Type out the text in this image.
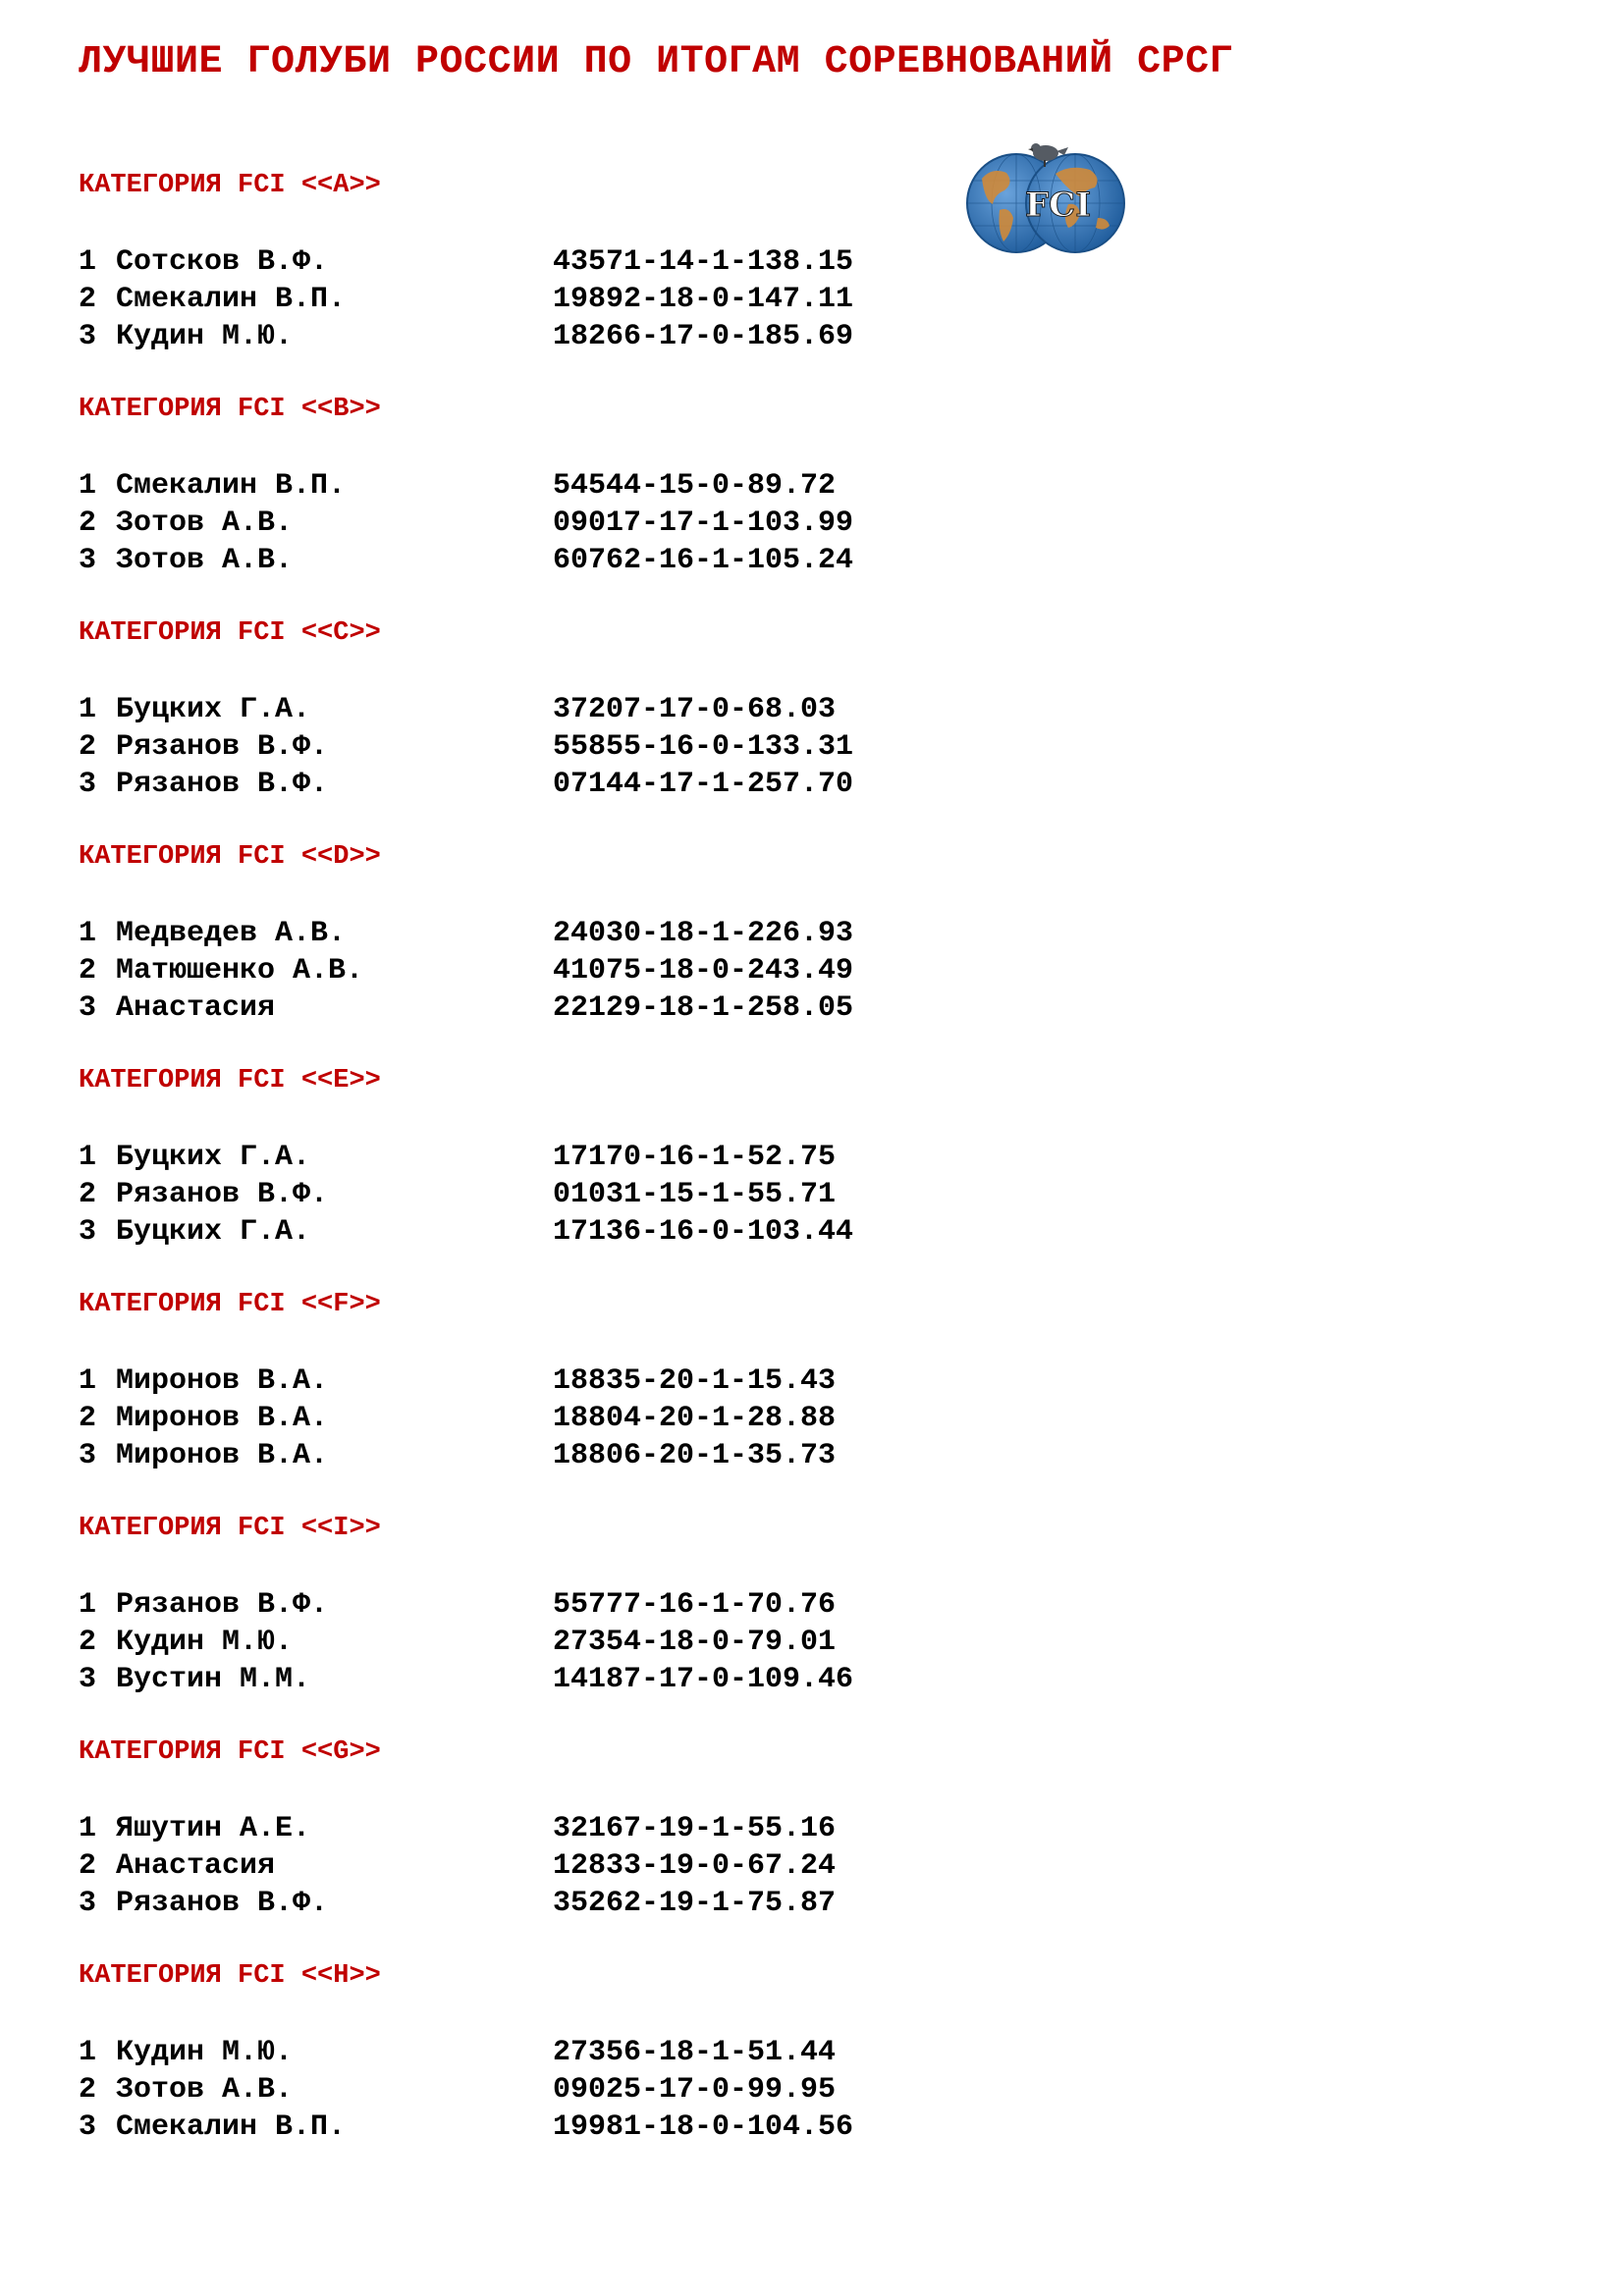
ЛУЧШИЕ ГОЛУБИ РОССИИ ПО ИТОГАМ СОРЕВНОВАНИЙ СРСГ
FCI
КАТЕГОРИЯ FCI <<A>>
1 Сотсков В.Ф.	43571-14-1-138.15
2 Смекалин В.П.	19892-18-0-147.11
3 Кудин М.Ю.	18266-17-0-185.69
КАТЕГОРИЯ FCI <<B>>
1 Смекалин В.П.	54544-15-0-89.72
2 Зотов А.В.	09017-17-1-103.99
3 Зотов А.В.	60762-16-1-105.24
КАТЕГОРИЯ FCI <<C>>
1 Буцких Г.А.	37207-17-0-68.03
2 Рязанов В.Ф.	55855-16-0-133.31
3 Рязанов В.Ф.	07144-17-1-257.70
КАТЕГОРИЯ FCI <<D>>
1 Медведев А.В.	24030-18-1-226.93
2 Матюшенко А.В.	41075-18-0-243.49
3 Анастасия	22129-18-1-258.05
КАТЕГОРИЯ FCI <<E>>
1 Буцких Г.А.	17170-16-1-52.75
2 Рязанов В.Ф.	01031-15-1-55.71
3 Буцких Г.А.	17136-16-0-103.44
КАТЕГОРИЯ FCI <<F>>
1 Миронов В.А.	18835-20-1-15.43
2 Миронов В.А.	18804-20-1-28.88
3 Миронов В.А.	18806-20-1-35.73
КАТЕГОРИЯ FCI <<I>>
1 Рязанов В.Ф.	55777-16-1-70.76
2 Кудин М.Ю.	27354-18-0-79.01
3 Вустин М.М.	14187-17-0-109.46
КАТЕГОРИЯ FCI <<G>>
1 Яшутин А.Е.	32167-19-1-55.16
2 Анастасия	12833-19-0-67.24
3 Рязанов В.Ф.	35262-19-1-75.87
КАТЕГОРИЯ FCI <<H>>
1 Кудин М.Ю.	27356-18-1-51.44
2 Зотов А.В.	09025-17-0-99.95
3 Смекалин В.П.	19981-18-0-104.56
